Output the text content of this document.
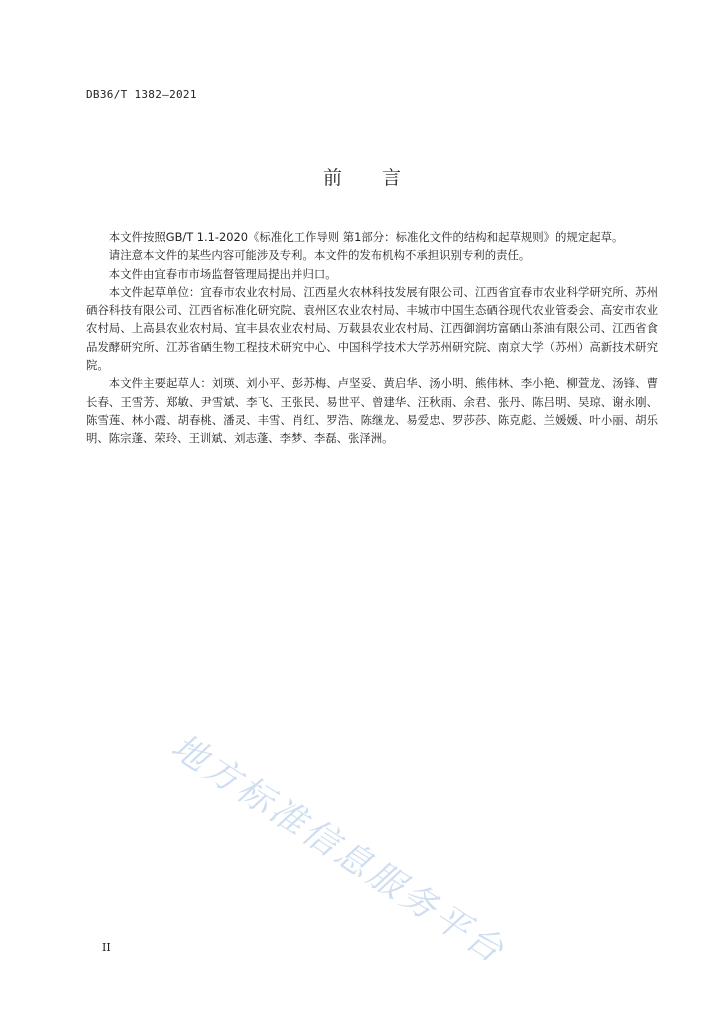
DB36/T 1382—2021
前言

本文件按照GB/T 1.1-2020《标准化工作导则 第1部分：标准化文件的结构和起草规则》的规定起草。

请注意本文件的某些内容可能涉及专利。本文件的发布机构不承担识别专利的责任。

本文件由宜春市市场监督管理局提出并归口。

本文件起草单位：宜春市农业农村局、江西星火农林科技发展有限公司、江西省宜春市农业科学研究所、苏州硒谷科技有限公司、江西省标准化研究院、袁州区农业农村局、丰城市中国生态硒谷现代农业管委会、高安市农业农村局、上高县农业农村局、宜丰县农业农村局、万载县农业农村局、江西御润坊富硒山茶油有限公司、江西省食品发酵研究所、江苏省硒生物工程技术研究中心、中国科学技术大学苏州研究院、南京大学（苏州）高新技术研究院。

本文件主要起草人：刘瑛、刘小平、彭苏梅、卢坚妥、黄启华、汤小明、熊伟林、李小艳、柳萱龙、汤锋、曹长春、王雪芳、郑敏、尹雪斌、李飞、王张民、易世平、曾建华、汪秋雨、余君、张丹、陈吕明、吴琼、谢永刚、陈雪莲、林小霞、胡春桃、潘灵、丰雪、肖红、罗浩、陈继龙、易爱忠、罗莎莎、陈克彪、兰媛媛、叶小丽、胡乐明、陈宗蓬、荣玲、王训斌、刘志蓬、李梦、李磊、张泽洲。

地方标准信息服务平台
II
